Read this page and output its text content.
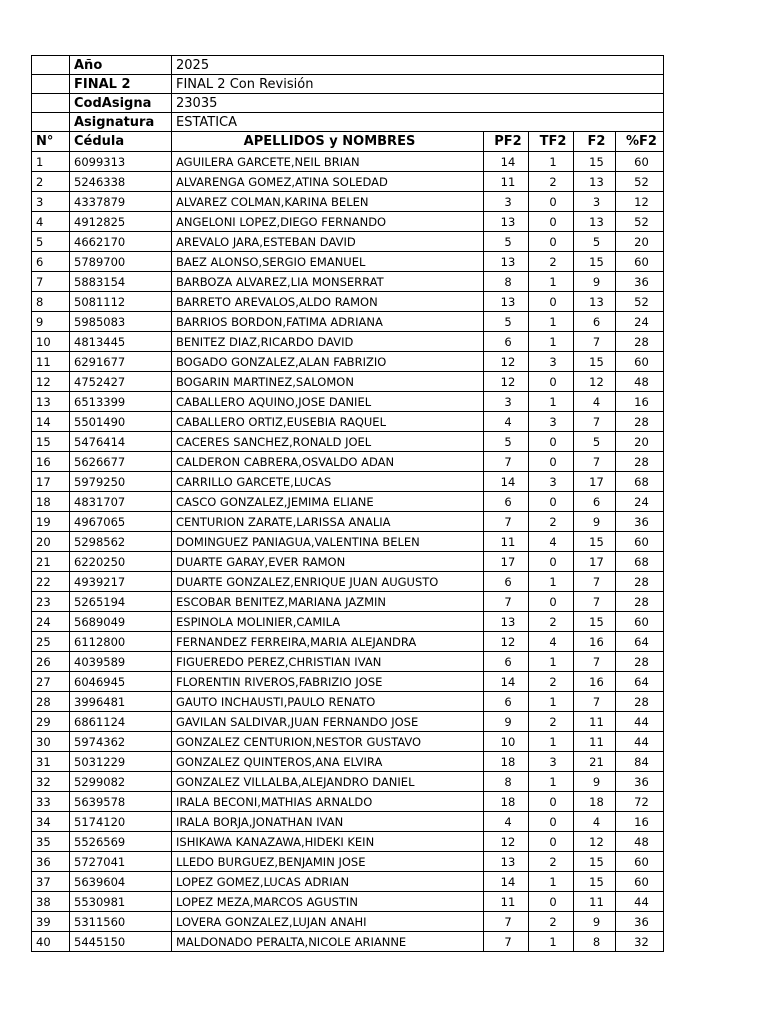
	Año	2025				
	FINAL 2	FINAL 2 Con Revisión				
	CodAsigna	23035				
	Asignatura	ESTATICA				
N°	Cédula	APELLIDOS y NOMBRES	PF2	TF2	F2	%F2
1	6099313	AGUILERA GARCETE,NEIL BRIAN	14	1	15	60
2	5246338	ALVARENGA GOMEZ,ATINA SOLEDAD	11	2	13	52
3	4337879	ALVAREZ COLMAN,KARINA BELEN	3	0	3	12
4	4912825	ANGELONI LOPEZ,DIEGO FERNANDO	13	0	13	52
5	4662170	AREVALO JARA,ESTEBAN DAVID	5	0	5	20
6	5789700	BAEZ ALONSO,SERGIO EMANUEL	13	2	15	60
7	5883154	BARBOZA ALVAREZ,LIA MONSERRAT	8	1	9	36
8	5081112	BARRETO AREVALOS,ALDO RAMON	13	0	13	52
9	5985083	BARRIOS BORDON,FATIMA ADRIANA	5	1	6	24
10	4813445	BENITEZ DIAZ,RICARDO DAVID	6	1	7	28
11	6291677	BOGADO GONZALEZ,ALAN FABRIZIO	12	3	15	60
12	4752427	BOGARIN MARTINEZ,SALOMON	12	0	12	48
13	6513399	CABALLERO AQUINO,JOSE DANIEL	3	1	4	16
14	5501490	CABALLERO ORTIZ,EUSEBIA RAQUEL	4	3	7	28
15	5476414	CACERES SANCHEZ,RONALD JOEL	5	0	5	20
16	5626677	CALDERON CABRERA,OSVALDO ADAN	7	0	7	28
17	5979250	CARRILLO GARCETE,LUCAS	14	3	17	68
18	4831707	CASCO GONZALEZ,JEMIMA ELIANE	6	0	6	24
19	4967065	CENTURION ZARATE,LARISSA ANALIA	7	2	9	36
20	5298562	DOMINGUEZ PANIAGUA,VALENTINA BELEN	11	4	15	60
21	6220250	DUARTE GARAY,EVER RAMON	17	0	17	68
22	4939217	DUARTE GONZALEZ,ENRIQUE JUAN AUGUSTO	6	1	7	28
23	5265194	ESCOBAR BENITEZ,MARIANA JAZMIN	7	0	7	28
24	5689049	ESPINOLA MOLINIER,CAMILA	13	2	15	60
25	6112800	FERNANDEZ FERREIRA,MARIA ALEJANDRA	12	4	16	64
26	4039589	FIGUEREDO PEREZ,CHRISTIAN IVAN	6	1	7	28
27	6046945	FLORENTIN RIVEROS,FABRIZIO JOSE	14	2	16	64
28	3996481	GAUTO INCHAUSTI,PAULO RENATO	6	1	7	28
29	6861124	GAVILAN SALDIVAR,JUAN FERNANDO JOSE	9	2	11	44
30	5974362	GONZALEZ CENTURION,NESTOR GUSTAVO	10	1	11	44
31	5031229	GONZALEZ QUINTEROS,ANA ELVIRA	18	3	21	84
32	5299082	GONZALEZ VILLALBA,ALEJANDRO DANIEL	8	1	9	36
33	5639578	IRALA BECONI,MATHIAS ARNALDO	18	0	18	72
34	5174120	IRALA BORJA,JONATHAN IVAN	4	0	4	16
35	5526569	ISHIKAWA KANAZAWA,HIDEKI KEIN	12	0	12	48
36	5727041	LLEDO BURGUEZ,BENJAMIN JOSE	13	2	15	60
37	5639604	LOPEZ GOMEZ,LUCAS ADRIAN	14	1	15	60
38	5530981	LOPEZ MEZA,MARCOS AGUSTIN	11	0	11	44
39	5311560	LOVERA GONZALEZ,LUJAN ANAHI	7	2	9	36
40	5445150	MALDONADO PERALTA,NICOLE ARIANNE	7	1	8	32
